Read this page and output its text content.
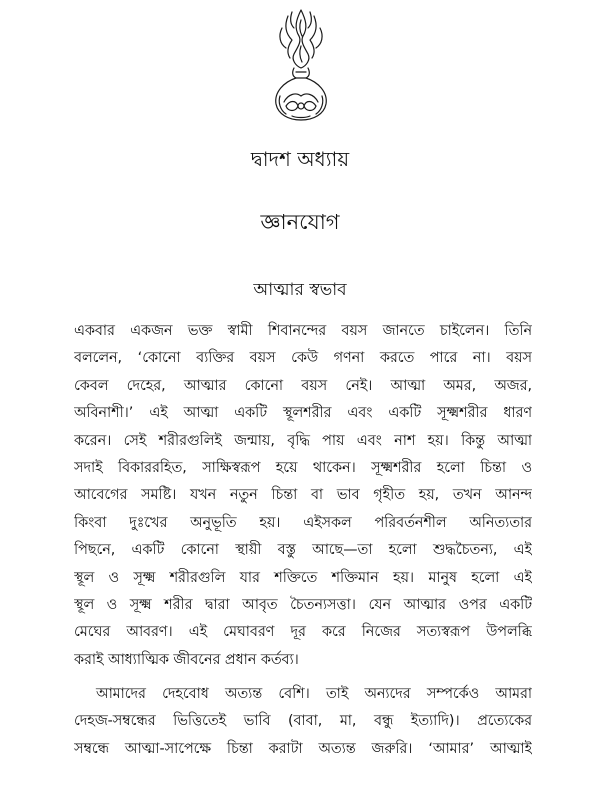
দ্বাদশ অধ্যায়
জ্ঞানযোগ
আত্মার স্বভাব
একবার একজন ভক্ত স্বামী শিবানন্দের বয়স জানতে চাইলেন। তিনি
বললেন, ‘কোনো ব্যক্তির বয়স কেউ গণনা করতে পারে না। বয়স
কেবল দেহের, আত্মার কোনো বয়স নেই। আত্মা অমর, অজর,
অবিনাশী।’ এই আত্মা একটি স্থূলশরীর এবং একটি সূক্ষ্মশরীর ধারণ
করেন। সেই শরীরগুলিই জন্মায়, বৃদ্ধি পায় এবং নাশ হয়। কিন্তু আত্মা
সদাই বিকাররহিত, সাক্ষিস্বরূপ হয়ে থাকেন। সূক্ষ্মশরীর হলো চিন্তা ও
আবেগের সমষ্টি। যখন নতুন চিন্তা বা ভাব গৃহীত হয়, তখন আনন্দ
কিংবা দুঃখের অনুভূতি হয়। এইসকল পরিবর্তনশীল অনিত্যতার
পিছনে, একটি কোনো স্থায়ী বস্তু আছে—তা হলো শুদ্ধচৈতন্য, এই
স্থূল ও সূক্ষ্ম শরীরগুলি যার শক্তিতে শক্তিমান হয়। মানুষ হলো এই
স্থূল ও সূক্ষ্ম শরীর দ্বারা আবৃত চৈতন্যসত্তা। যেন আত্মার ওপর একটি
মেঘের আবরণ। এই মেঘাবরণ দূর করে নিজের সত্যস্বরূপ উপলব্ধি
করাই আধ্যাত্মিক জীবনের প্রধান কর্তব্য।
আমাদের দেহবোধ অত্যন্ত বেশি। তাই অন্যদের সম্পর্কেও আমরা
দেহজ-সম্বন্ধের ভিত্তিতেই ভাবি (বাবা, মা, বন্ধু ইত্যাদি)। প্রত্যেকের
সম্বন্ধে আত্মা-সাপেক্ষে চিন্তা করাটা অত্যন্ত জরুরি। ‘আমার’ আত্মাই
